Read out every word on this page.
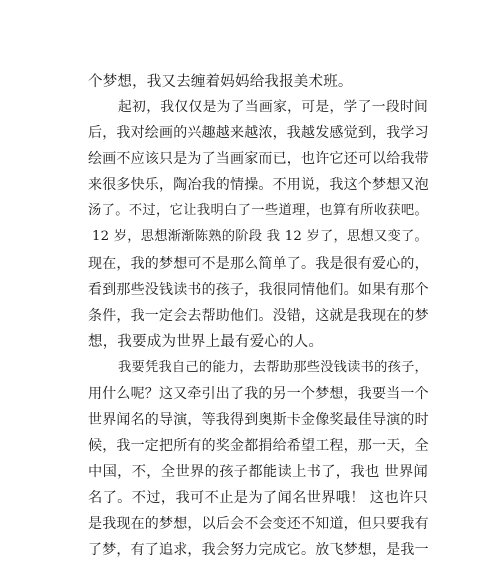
个梦想，我又去缠着妈妈给我报美术班。
起初，我仅仅是为了当画家，可是，学了一段时间
后，我对绘画的兴趣越来越浓，我越发感觉到，我学习
绘画不应该只是为了当画家而已，也许它还可以给我带
来很多快乐，陶冶我的情操。不用说，我这个梦想又泡
汤了。不过，它让我明白了一些道理，也算有所收获吧。
12 岁，思想渐渐陈熟的阶段 我 12 岁了，思想又变了。
现在，我的梦想可不是那么简单了。我是很有爱心的，
看到那些没钱读书的孩子，我很同情他们。如果有那个
条件，我一定会去帮助他们。没错，这就是我现在的梦
想，我要成为世界上最有爱心的人。
我要凭我自己的能力，去帮助那些没钱读书的孩子，
用什么呢？这又牵引出了我的另一个梦想，我要当一个
世界闻名的导演，等我得到奥斯卡金像奖最佳导演的时
候，我一定把所有的奖金都捐给希望工程，那一天，全
中国，不，全世界的孩子都能读上书了，我也 世界闻
名了。不过，我可不止是为了闻名世界哦！ 这也许只
是我现在的梦想，以后会不会变还不知道，但只要我有
了梦，有了追求，我会努力完成它。放飞梦想，是我一
